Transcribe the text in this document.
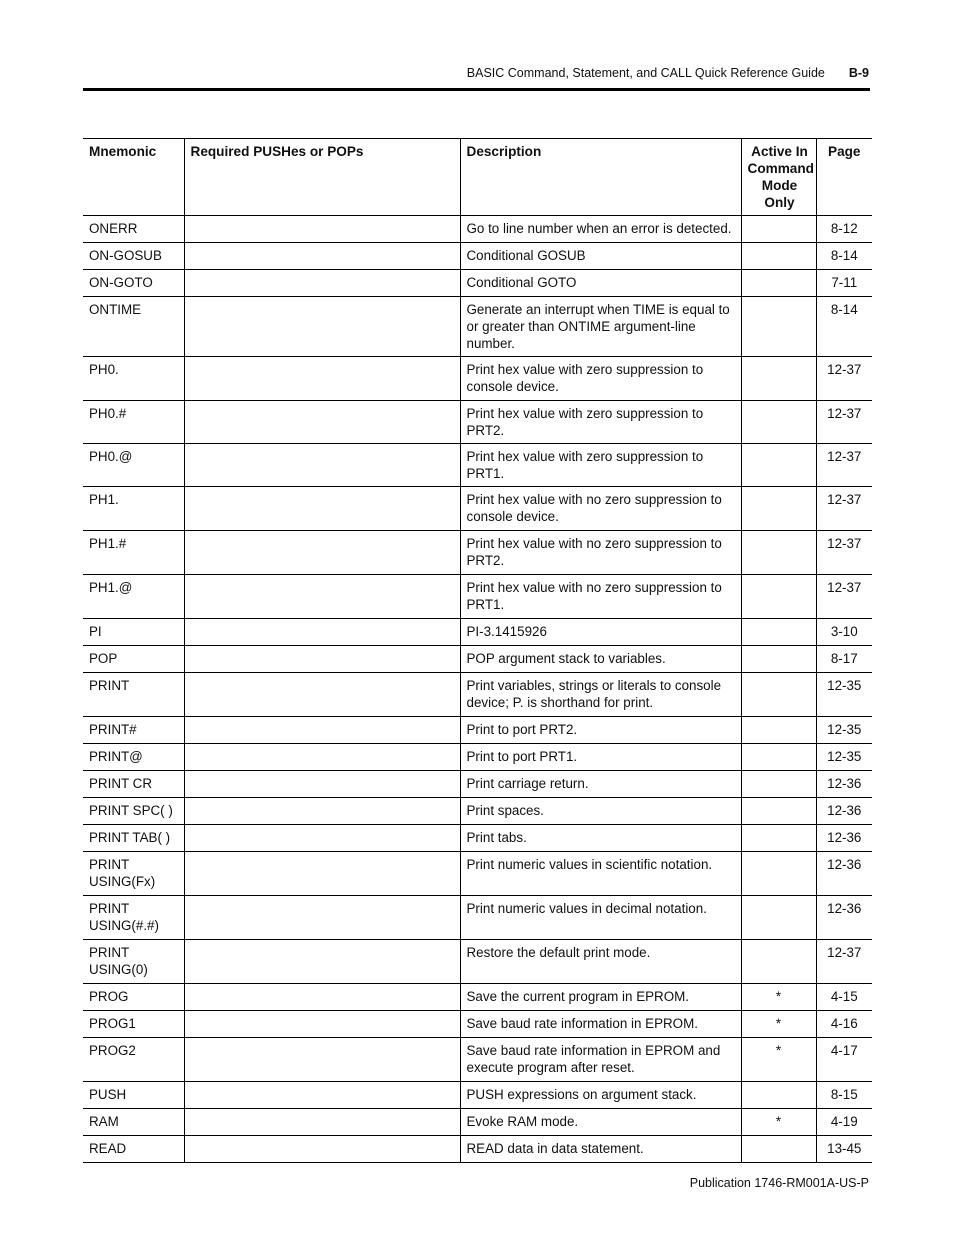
BASIC Command, Statement, and CALL Quick Reference Guide B-9
Mnemonic	Required PUSHes or POPs	Description	Active In Command Mode Only	Page
ONERR		Go to line number when an error is detected.		8-12
ON-GOSUB		Conditional GOSUB		8-14
ON-GOTO		Conditional GOTO		7-11
ONTIME		Generate an interrupt when TIME is equal to or greater than ONTIME argument-line number.		8-14
PH0.		Print hex value with zero suppression to console device.		12-37
PH0.#		Print hex value with zero suppression to PRT2.		12-37
PH0.@		Print hex value with zero suppression to PRT1.		12-37
PH1.		Print hex value with no zero suppression to console device.		12-37
PH1.#		Print hex value with no zero suppression to PRT2.		12-37
PH1.@		Print hex value with no zero suppression to PRT1.		12-37
PI		PI-3.1415926		3-10
POP		POP argument stack to variables.		8-17
PRINT		Print variables, strings or literals to console device; P. is shorthand for print.		12-35
PRINT#		Print to port PRT2.		12-35
PRINT@		Print to port PRT1.		12-35
PRINT CR		Print carriage return.		12-36
PRINT SPC( )		Print spaces.		12-36
PRINT TAB( )		Print tabs.		12-36
PRINT USING(Fx)		Print numeric values in scientific notation.		12-36
PRINT USING(#.#)		Print numeric values in decimal notation.		12-36
PRINT USING(0)		Restore the default print mode.		12-37
PROG		Save the current program in EPROM.	*	4-15
PROG1		Save baud rate information in EPROM.	*	4-16
PROG2		Save baud rate information in EPROM and execute program after reset.	*	4-17
PUSH		PUSH expressions on argument stack.		8-15
RAM		Evoke RAM mode.	*	4-19
READ		READ data in data statement.		13-45
Publication 1746-RM001A-US-P
